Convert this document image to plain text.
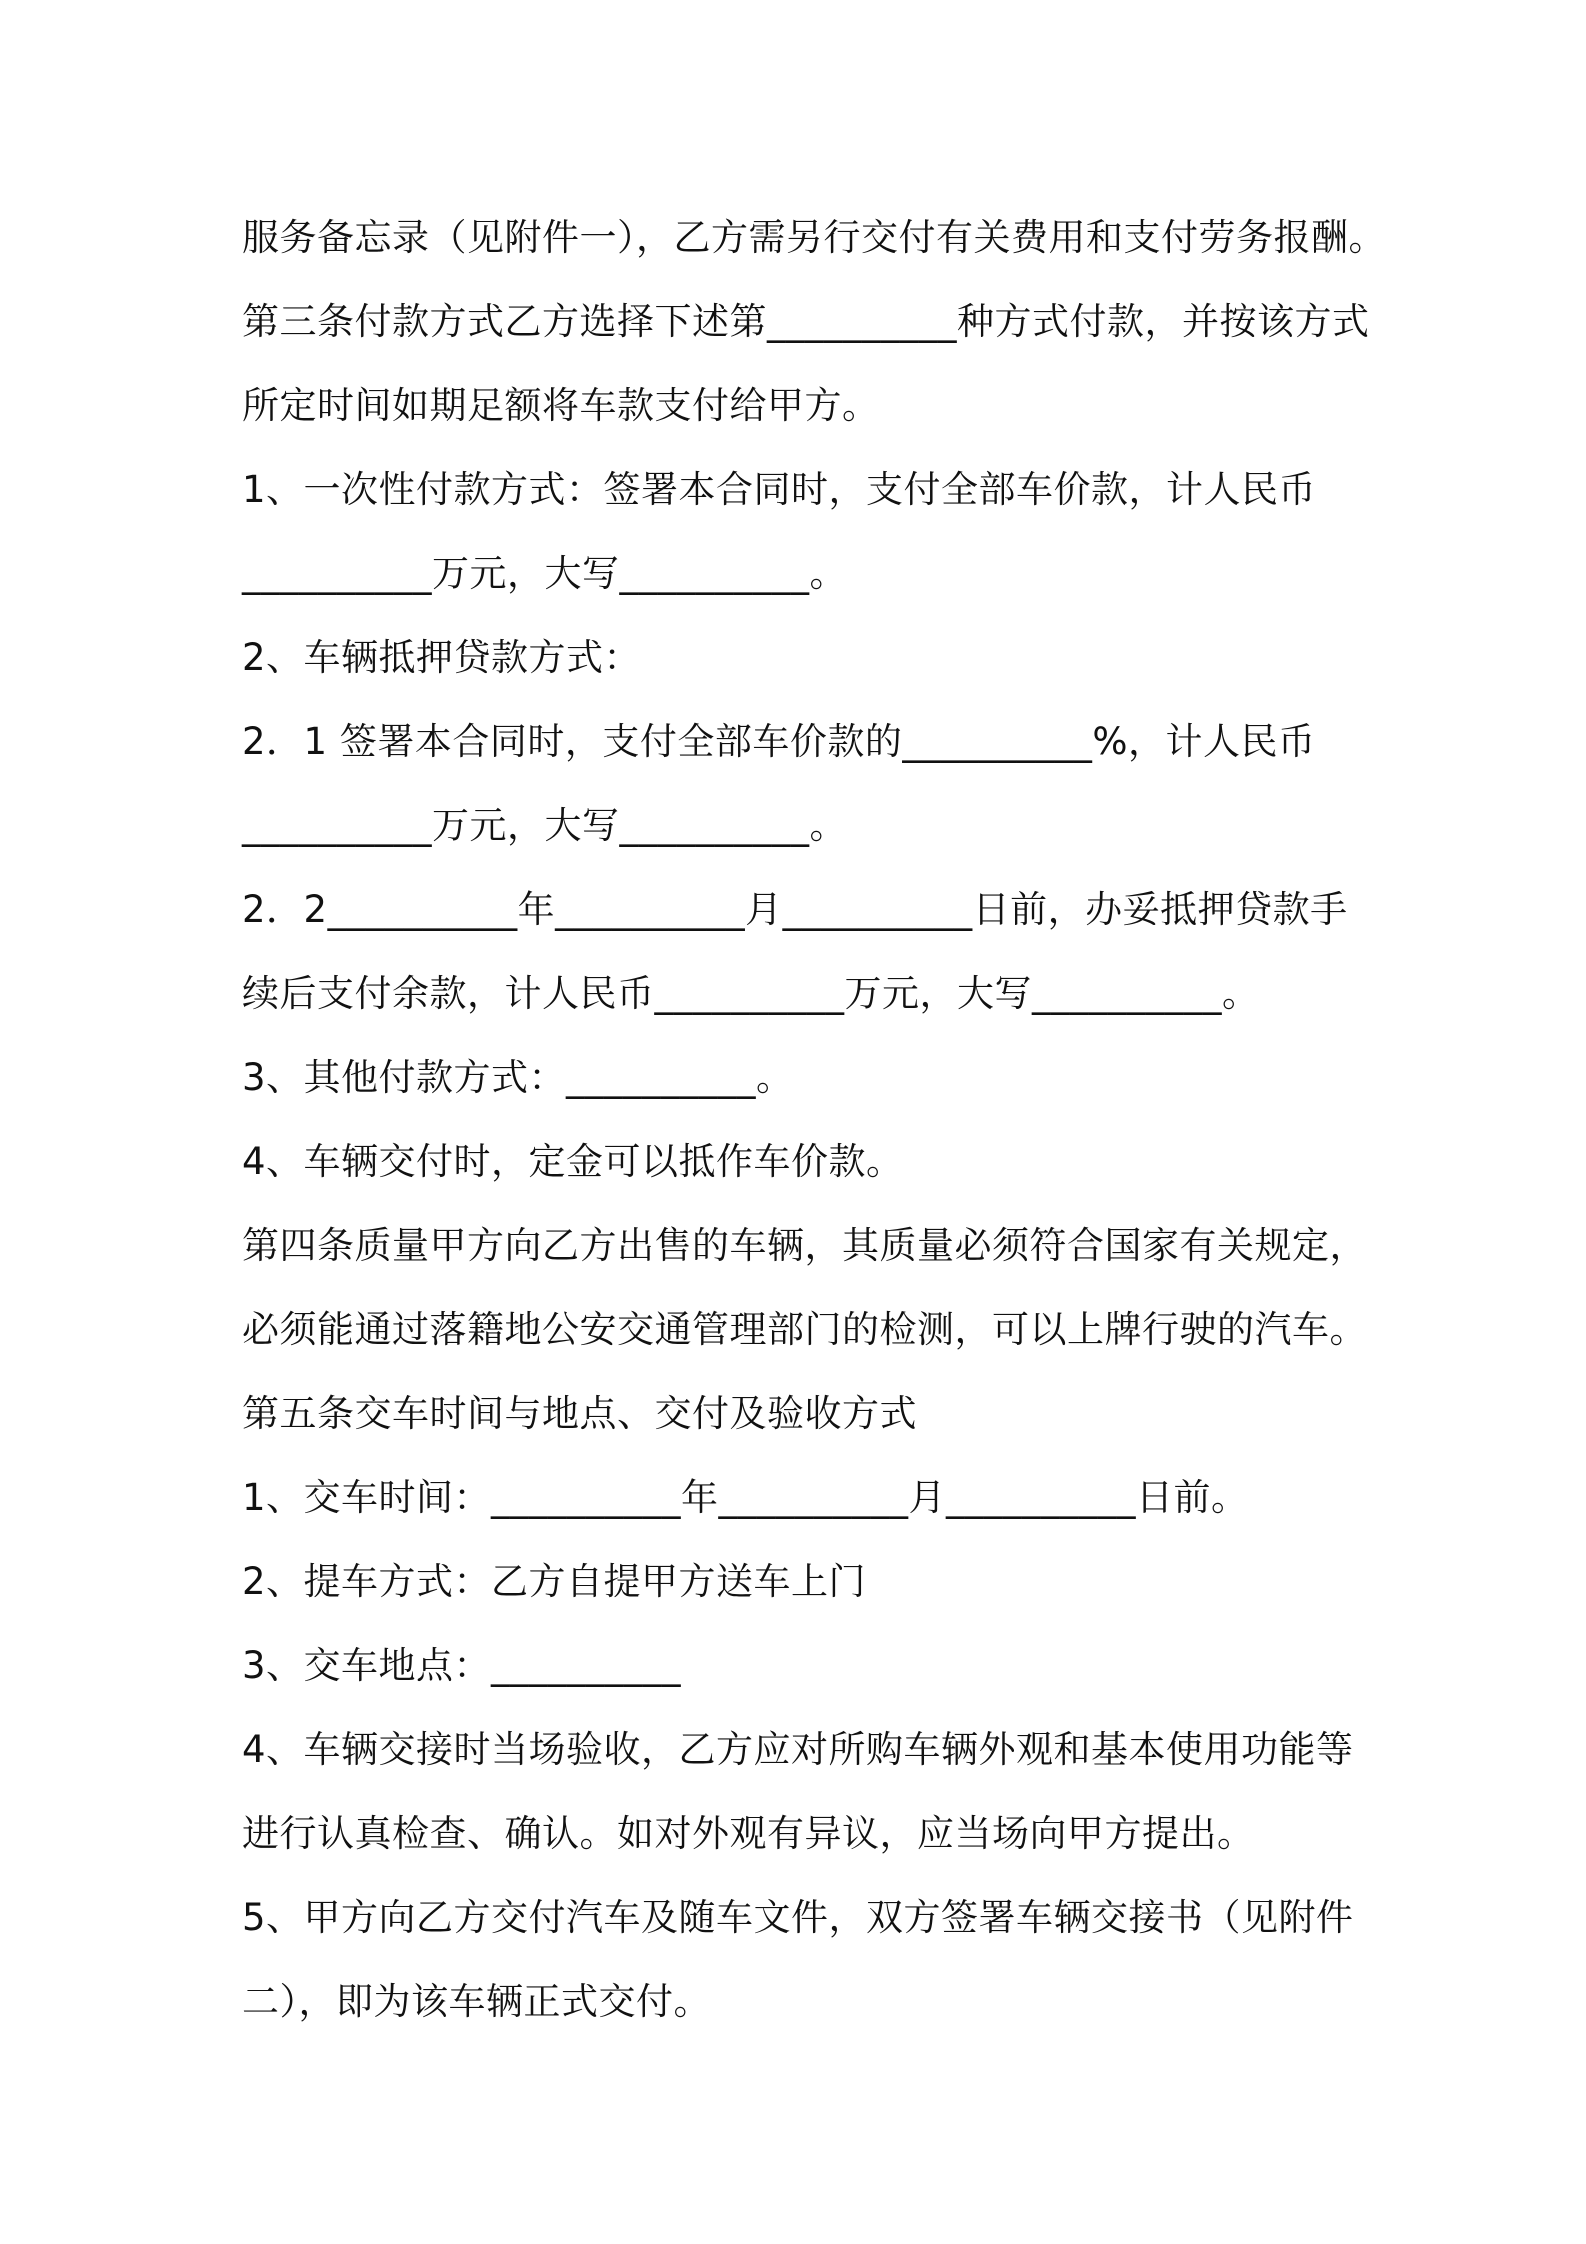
服务备忘录（见附件一），乙方需另行交付有关费用和支付劳务报酬。
第三条付款方式乙方选择下述第__________种方式付款，并按该方式
所定时间如期足额将车款支付给甲方。
1、一次性付款方式：签署本合同时，支付全部车价款，计人民币
__________万元，大写__________。
2、车辆抵押贷款方式：
2．1 签署本合同时，支付全部车价款的__________%，计人民币
__________万元，大写__________。
2．2__________年__________月__________日前，办妥抵押贷款手
续后支付余款，计人民币__________万元，大写__________。
3、其他付款方式：__________。
4、车辆交付时，定金可以抵作车价款。
第四条质量甲方向乙方出售的车辆，其质量必须符合国家有关规定，
必须能通过落籍地公安交通管理部门的检测，可以上牌行驶的汽车。
第五条交车时间与地点、交付及验收方式
1、交车时间：__________年__________月__________日前。
2、提车方式：乙方自提甲方送车上门
3、交车地点：__________
4、车辆交接时当场验收，乙方应对所购车辆外观和基本使用功能等
进行认真检查、确认。如对外观有异议，应当场向甲方提出。
5、甲方向乙方交付汽车及随车文件，双方签署车辆交接书（见附件
二），即为该车辆正式交付。
